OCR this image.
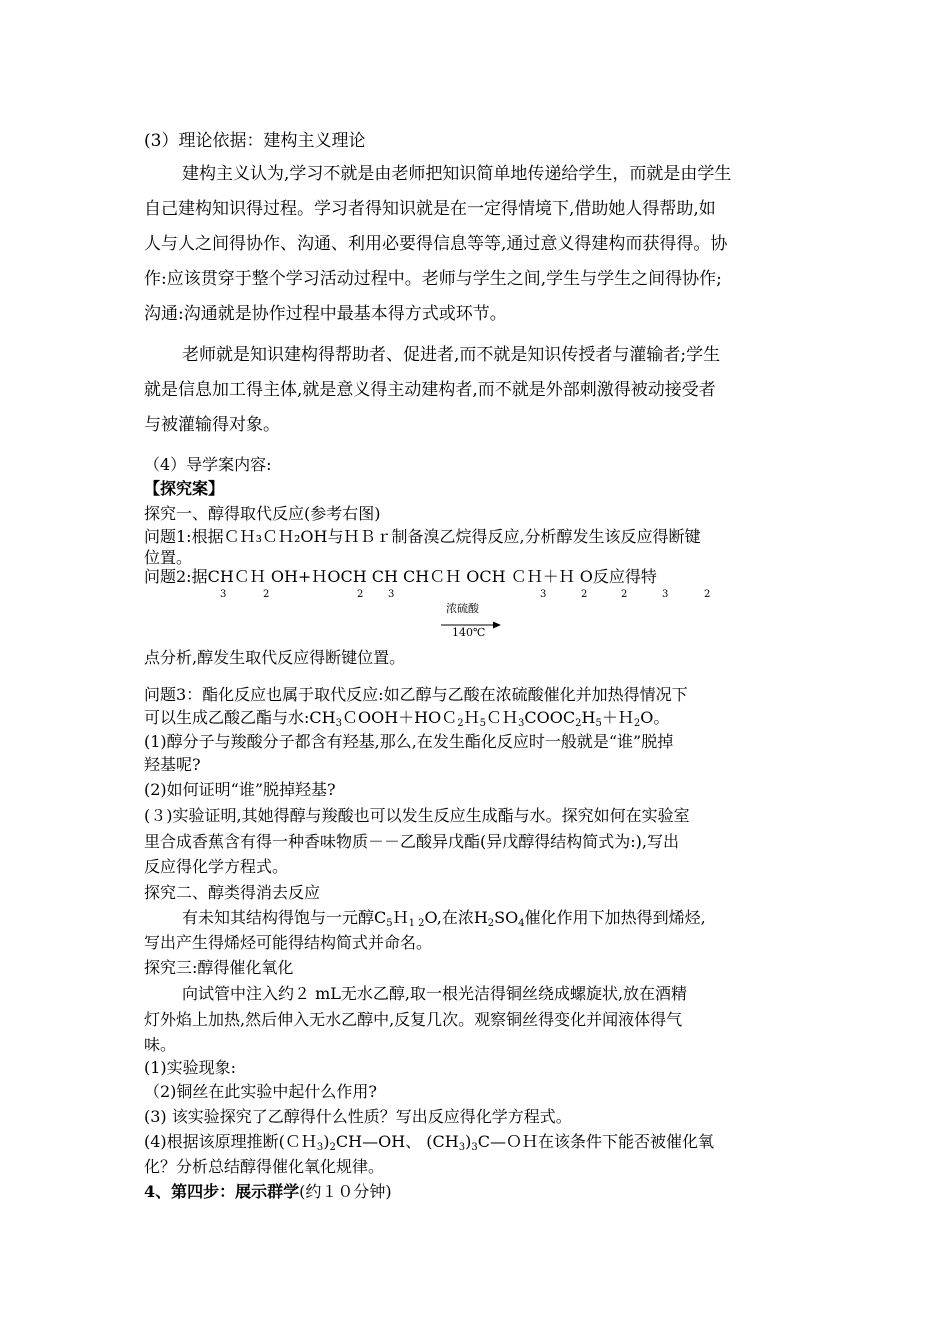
(3）理论依据：建构主义理论
建构主义认为,学习不就是由老师把知识简单地传递给学生，而就是由学生
自己建构知识得过程。学习者得知识就是在一定得情境下,借助她人得帮助,如
人与人之间得协作、沟通、利用必要得信息等等,通过意义得建构而获得得。协
作:应该贯穿于整个学习活动过程中。老师与学生之间,学生与学生之间得协作;
沟通:沟通就是协作过程中最基本得方式或环节。
老师就是知识建构得帮助者、促进者,而不就是知识传授者与灌输者;学生
就是信息加工得主体,就是意义得主动建构者,而不就是外部刺激得被动接受者
与被灌输得对象。
（4）导学案内容:
【探究案】
探究一、醇得取代反应(参考右图)
问题1:根据ＣＨ₃ＣＨ₂OH与ＨＢｒ制备溴乙烷得反应,分析醇发生该反应得断键
位置。
问题2:据CHＣＨ OH+ＨOCH CH CHＣＨ OCH ＣＨ＋Ｈ O反应得特
3	2	2 3	3	2	2	3	2
浓硫酸
140℃
点分析,醇发生取代反应得断键位置。
问题3：酯化反应也属于取代反应:如乙醇与乙酸在浓硫酸催化并加热得情况下
可以生成乙酸乙酯与水$:CH_3COOH+HOC_2H_5CH_3COOC_2H_5+H_2O$。
(1)醇分子与羧酸分子都含有羟基,那么,在发生酯化反应时一般就是“谁”脱掉
羟基呢?
(2)如何证明“谁”脱掉羟基?
(３)实验证明,其她得醇与羧酸也可以发生反应生成酯与水。探究如何在实验室
里合成香蕉含有得一种香味物质－－乙酸异戊酯(异戊醇得结构简式为:),写出
反应得化学方程式。
探究二、醇类得消去反应
有未知其结构得饱与一元醇$C_5H_{1 2}O$,在浓$H_2SO_4$催化作用下加热得到烯烃,
写出产生得烯烃可能得结构简式并命名。
探究三:醇得催化氧化
向试管中注入约２ mL无水乙醇,取一根光洁得铜丝绕成螺旋状,放在酒精
灯外焰上加热,然后伸入无水乙醇中,反复几次。观察铜丝得变化并闻液体得气
味。
(1)实验现象:
（2)铜丝在此实验中起什么作用?
(3) 该实验探究了乙醇得什么性质？写出反应得化学方程式。
(4)根据该原理推断$(CH_3)_2CH—OH$、 $(CH_3)_3C—OH$在该条件下能否被催化氧
化？分析总结醇得催化氧化规律。
4、第四步：展示群学(约１０分钟)
